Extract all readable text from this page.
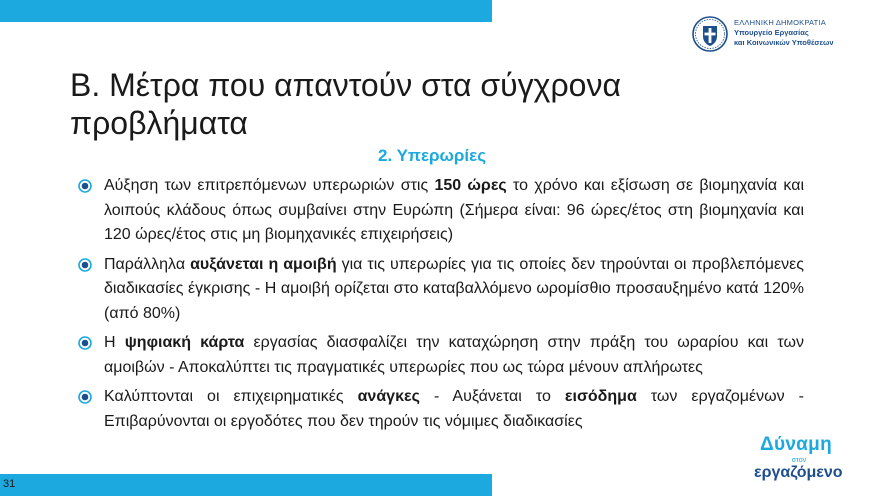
ΕΛΛΗΝΙΚΗ ΔΗΜΟΚΡΑΤΙΑ
Υπουργείο Εργασίας
και Κοινωνικών Υποθέσεων
Β. Μέτρα που απαντούν στα σύγχρονα προβλήματα
2. Υπερωρίες
Αύξηση των επιτρεπόμενων υπερωριών στις 150 ώρες το χρόνο και εξίσωση σε βιομηχανία και λοιπούς κλάδους όπως συμβαίνει στην Ευρώπη (Σήμερα είναι: 96 ώρες/έτος στη βιομηχανία και 120 ώρες/έτος στις μη βιομηχανικές επιχειρήσεις)
Παράλληλα αυξάνεται η αμοιβή για τις υπερωρίες για τις οποίες δεν τηρούνται οι προβλεπόμενες διαδικασίες έγκρισης - Η αμοιβή ορίζεται στο καταβαλλόμενο ωρομίσθιο προσαυξημένο κατά 120% (από 80%)
Η ψηφιακή κάρτα εργασίας διασφαλίζει την καταχώρηση στην πράξη του ωραρίου και των αμοιβών - Αποκαλύπτει τις πραγματικές υπερωρίες που ως τώρα μένουν απλήρωτες
Καλύπτονται οι επιχειρηματικές ανάγκες - Αυξάνεται το εισόδημα των εργαζομένων - Επιβαρύνονται οι εργοδότες που δεν τηρούν τις νόμιμες διαδικασίες
Δύναμη
στον
εργαζόμενο
31
